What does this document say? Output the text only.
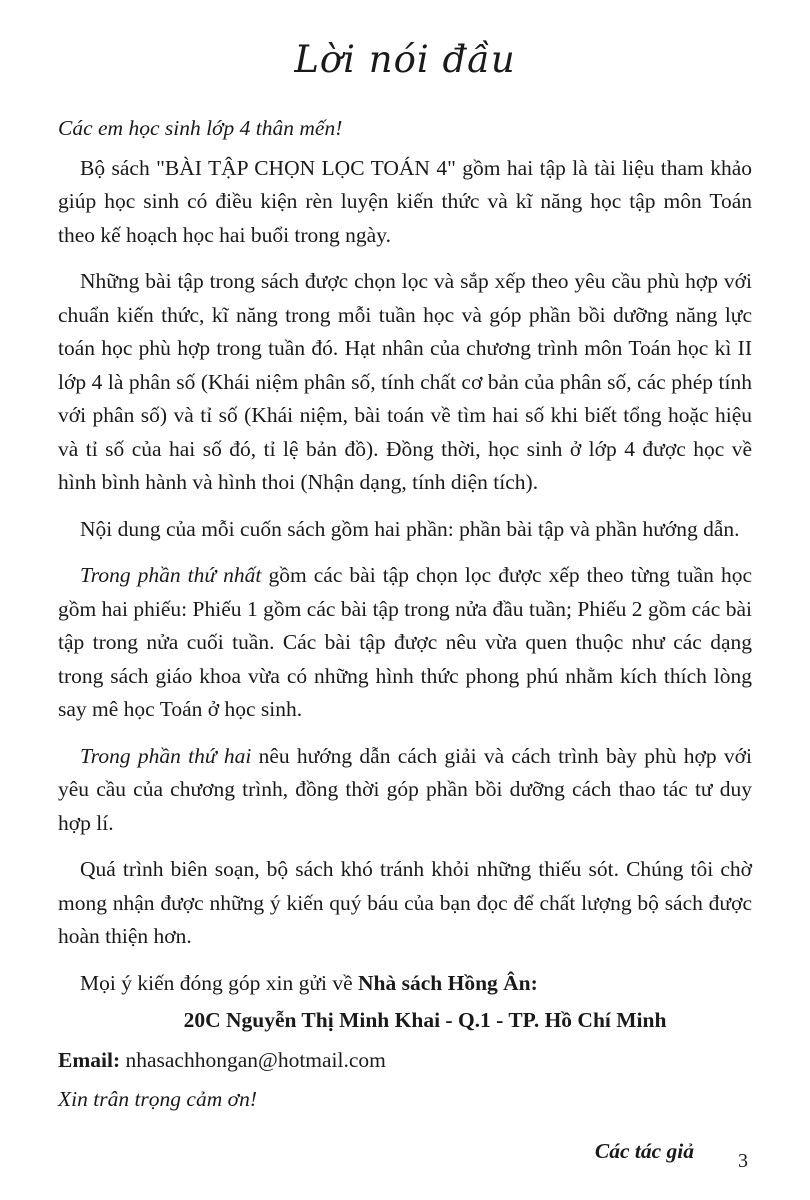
Lời nói đầu

Các em học sinh lớp 4 thân mến!

Bộ sách "BÀI TẬP CHỌN LỌC TOÁN 4" gồm hai tập là tài liệu tham khảo giúp học sinh có điều kiện rèn luyện kiến thức và kĩ năng học tập môn Toán theo kế hoạch học hai buổi trong ngày.

Những bài tập trong sách được chọn lọc và sắp xếp theo yêu cầu phù hợp với chuẩn kiến thức, kĩ năng trong mỗi tuần học và góp phần bồi dưỡng năng lực toán học phù hợp trong tuần đó. Hạt nhân của chương trình môn Toán học kì II lớp 4 là phân số (Khái niệm phân số, tính chất cơ bản của phân số, các phép tính với phân số) và tỉ số (Khái niệm, bài toán về tìm hai số khi biết tổng hoặc hiệu và tỉ số của hai số đó, tỉ lệ bản đồ). Đồng thời, học sinh ở lớp 4 được học về hình bình hành và hình thoi (Nhận dạng, tính diện tích).

Nội dung của mỗi cuốn sách gồm hai phần: phần bài tập và phần hướng dẫn.

Trong phần thứ nhất gồm các bài tập chọn lọc được xếp theo từng tuần học gồm hai phiếu: Phiếu 1 gồm các bài tập trong nửa đầu tuần; Phiếu 2 gồm các bài tập trong nửa cuối tuần. Các bài tập được nêu vừa quen thuộc như các dạng trong sách giáo khoa vừa có những hình thức phong phú nhằm kích thích lòng say mê học Toán ở học sinh.

Trong phần thứ hai nêu hướng dẫn cách giải và cách trình bày phù hợp với yêu cầu của chương trình, đồng thời góp phần bồi dưỡng cách thao tác tư duy hợp lí.

Quá trình biên soạn, bộ sách khó tránh khỏi những thiếu sót. Chúng tôi chờ mong nhận được những ý kiến quý báu của bạn đọc để chất lượng bộ sách được hoàn thiện hơn.

Mọi ý kiến đóng góp xin gửi về Nhà sách Hồng Ân:

20C Nguyễn Thị Minh Khai - Q.1 - TP. Hồ Chí Minh

Email: nhasachhongan@hotmail.com

Xin trân trọng cảm ơn!

Các tác giả	3
